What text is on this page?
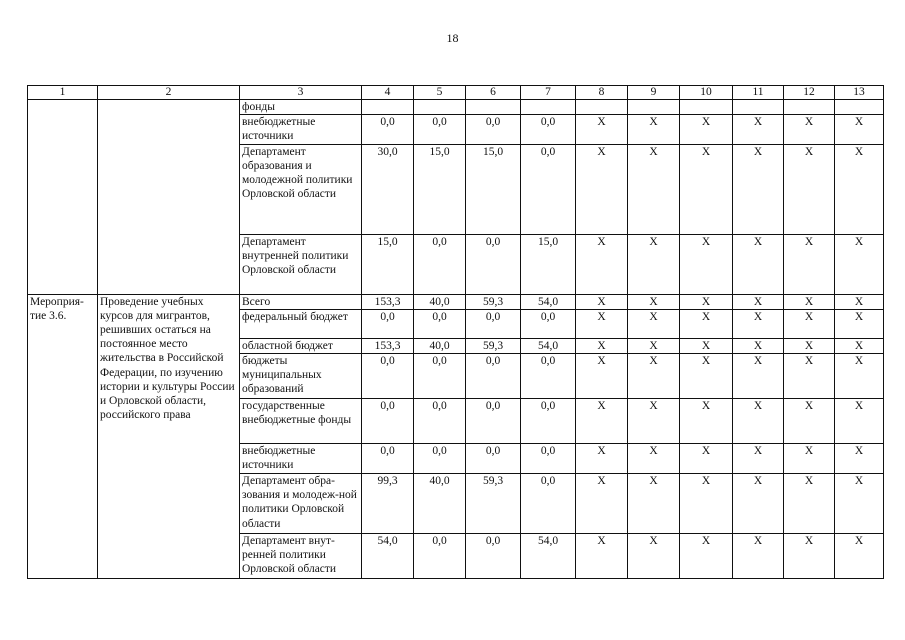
18
1	2	3	4	5	6	7	8	9	10	11	12	13
		фонды										
		внебюджетные источники	0,0	0,0	0,0	0,0	X	X	X	X	X	X
		Департамент образования и молодежной политики Орловской области	30,0	15,0	15,0	0,0	X	X	X	X	X	X
		Департамент внутренней политики Орловской области	15,0	0,0	0,0	15,0	X	X	X	X	X	X
Мероприя-тие 3.6.	Проведение учебных курсов для мигрантов, решивших остаться на постоянное место жительства в Российской Федерации, по изучению истории и культуры России и Орловской области, российского права	Всего	153,3	40,0	59,3	54,0	X	X	X	X	X	X
		федеральный бюджет	0,0	0,0	0,0	0,0	X	X	X	X	X	X
		областной бюджет	153,3	40,0	59,3	54,0	X	X	X	X	X	X
		бюджеты муниципальных образований	0,0	0,0	0,0	0,0	X	X	X	X	X	X
		государственные внебюджетные фонды	0,0	0,0	0,0	0,0	X	X	X	X	X	X
		внебюджетные источники	0,0	0,0	0,0	0,0	X	X	X	X	X	X
		Департамент обра-зования и молодеж-ной политики Орловской области	99,3	40,0	59,3	0,0	X	X	X	X	X	X
		Департамент внут-ренней политики Орловской области	54,0	0,0	0,0	54,0	X	X	X	X	X	X
